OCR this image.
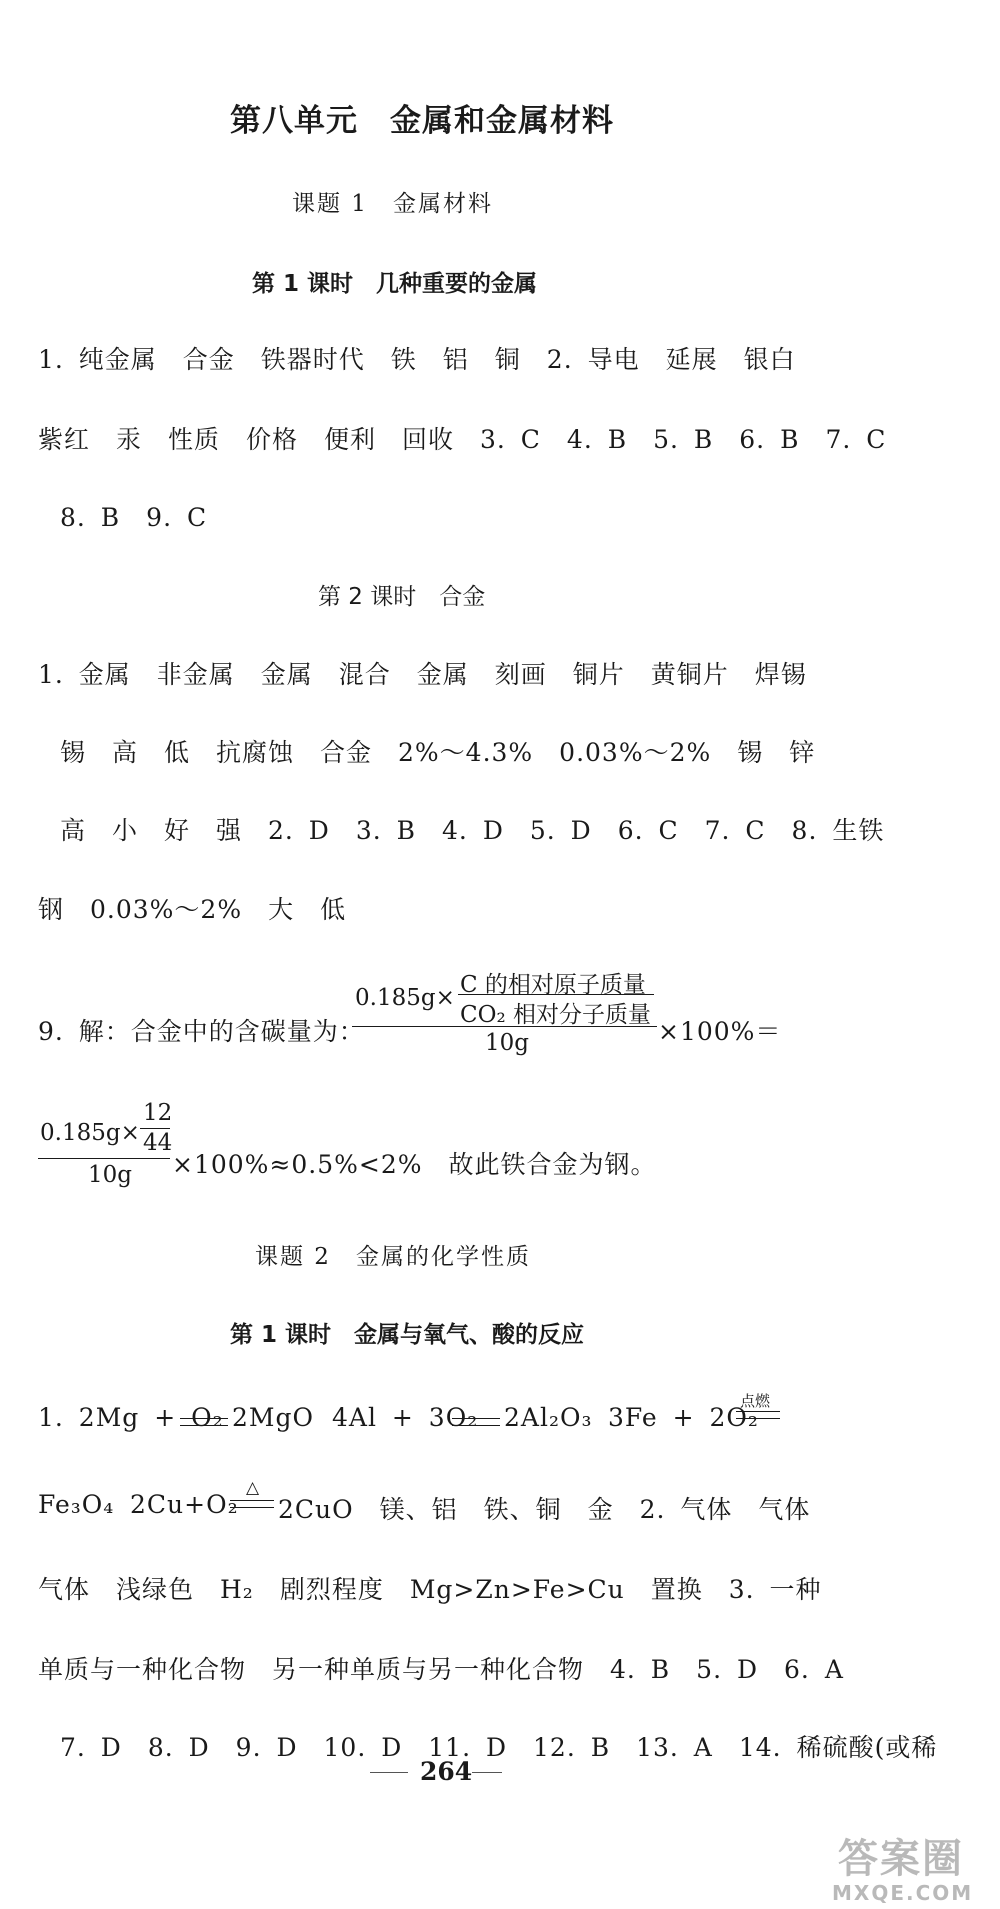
第八单元　金属和金属材料
课题 1　金属材料
第 1 课时　几种重要的金属
1. 纯金属　合金　铁器时代　铁　铝　铜　2. 导电　延展　银白
紫红　汞　性质　价格　便利　回收　3. C　4. B　5. B　6. B　7. C
8. B　9. C
第 2 课时　合金
1. 金属　非金属　金属　混合　金属　刻画　铜片　黄铜片　焊锡
锡　高　低　抗腐蚀　合金　2%～4.3%　0.03%～2%　锡　锌
高　小　好　强　2. D　3. B　4. D　5. D　6. C　7. C　8. 生铁
钢　0.03%～2%　大　低
9. 解：合金中的含碳量为：
0.185g× C 的相对原子质量
CO₂ 相对分子质量
10g	×100%＝
0.185g×
12
44
10g ×100%≈0.5%<2%　故此铁合金为钢。
课题 2　金属的化学性质
第 1 课时　金属与氧气、酸的反应
1. 2Mg + O₂ 2MgO 4Al + 3O₂ 2Al₂O₃ 3Fe + 2O₂
点燃
Fe₃O₄ 2Cu+O₂
△
2CuO　镁、铝　铁、铜　金　2. 气体　气体
气体　浅绿色　H₂　剧烈程度　Mg>Zn>Fe>Cu　置换　3. 一种
单质与一种化合物　另一种单质与另一种化合物　4. B　5. D　6. A
7. D　8. D　9. D　10. D　11. D　12. B　13. A　14. 稀硫酸(或稀
264
答案圈
MXQE.COM
